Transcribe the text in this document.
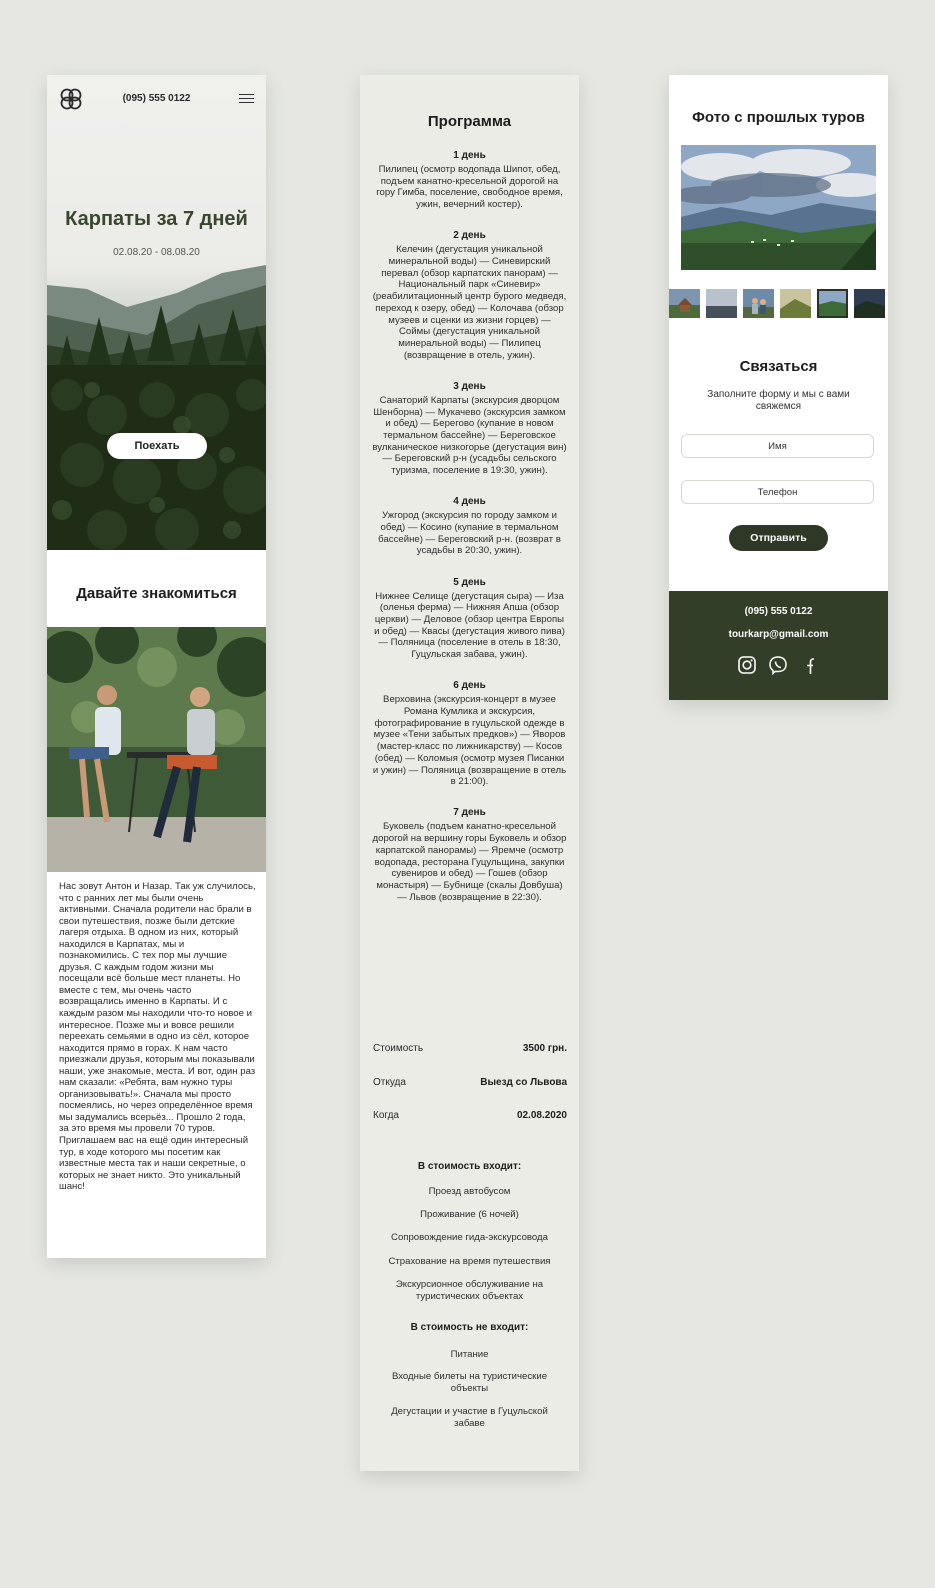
(095) 555 0122
Карпаты за 7 дней
02.08.20 - 08.08.20
Поехать
Давайте знакомиться

Нас зовут Антон и Назар. Так уж случилось, что с ранних лет мы были очень активными. Сначала родители нас брали в свои путешествия, позже были детские лагеря отдыха. В одном из них, который находился в Карпатах, мы и познакомились. С тех пор мы лучшие друзья. С каждым годом жизни мы посещали всё больше мест планеты. Но вместе с тем, мы очень часто возвращались именно в Карпаты. И с каждым разом мы находили что-то новое и интересное. Позже мы и вовсе решили переехать семьями в одно из сёл, которое находится прямо в горах. К нам часто приезжали друзья, которым мы показывали наши, уже знакомые, места. И вот, один раз нам сказали: «Ребята, вам нужно туры организовывать!». Сначала мы просто посмеялись, но через определённое время мы задумались всерьёз... Прошло 2 года, за это время мы провели 70 туров. Приглашаем вас на ещё один интересный тур, в ходе которого мы посетим как известные места так и наши секретные, о которых не знает никто. Это уникальный шанс!

Программа
1 день

Пилипец (осмотр водопада Шипот, обед, подъем канатно-кресельной дорогой на гору Гимба, поселение, свободное время, ужин, вечерний костер).

2 день

Келечин (дегустация уникальной минеральной воды) — Синевирский перевал (обзор карпатских панорам) — Национальный парк «Синевир» (реабилитационный центр бурого медведя, переход к озеру, обед) — Колочава (обзор музеев и сценки из жизни горцев) — Соймы (дегустация уникальной минеральной воды) — Пилипец (возвращение в отель, ужин).

3 день

Санаторий Карпаты (экскурсия дворцом Шенборна) — Мукачево (экскурсия замком и обед) — Берегово (купание в новом термальном бассейне) — Береговское вулканическое низкогорье (дегустация вин) — Береговский р-н (усадьбы сельского туризма, поселение в 19:30, ужин).

4 день

Ужгород (экскурсия по городу замком и обед) — Косино (купание в термальном бассейне) — Береговский р-н. (возврат в усадьбы в 20:30, ужин).

5 день

Нижнее Селище (дегустация сыра) — Иза (оленья ферма) — Нижняя Апша (обзор церкви) — Деловое (обзор центра Европы и обед) — Квасы (дегустация живого пива) — Поляница (поселение в отель в 18:30, Гуцульская забава, ужин).

6 день

Верховина (экскурсия-концерт в музее Романа Кумлика и экскурсия, фотографирование в гуцульской одежде в музее «Тени забытых предков») — Яворов (мастер-класс по лижникарству) — Косов (обед) — Коломыя (осмотр музея Писанки и ужин) — Поляница (возвращение в отель в 21:00).

7 день

Буковель (подъем канатно-кресельной дорогой на вершину горы Буковель и обзор карпатской панорамы) — Яремче (осмотр водопада, ресторана Гуцульщина, закупки сувениров и обед) — Гошев (обзор монастыря) — Бубнище (скалы Довбуша) — Львов (возвращение в 22:30).

Стоимость	3500 грн.
Откуда	Выезд со Львова
Когда	02.08.2020
В стоимость входит:
Проезд автобусом
Проживание (6 ночей)
Сопровождение гида-экскурсовода
Страхование на время путешествия
Экскурсионное обслуживание на туристических объектах
В стоимость не входит:
Питание
Входные билеты на туристические объекты
Дегустации и участие в Гуцульской забаве
Фото с прошлых туров
Связаться
Заполните форму и мы с вами свяжемся
Имя
Телефон
Отправить
(095) 555 0122
tourkarp@gmail.com
